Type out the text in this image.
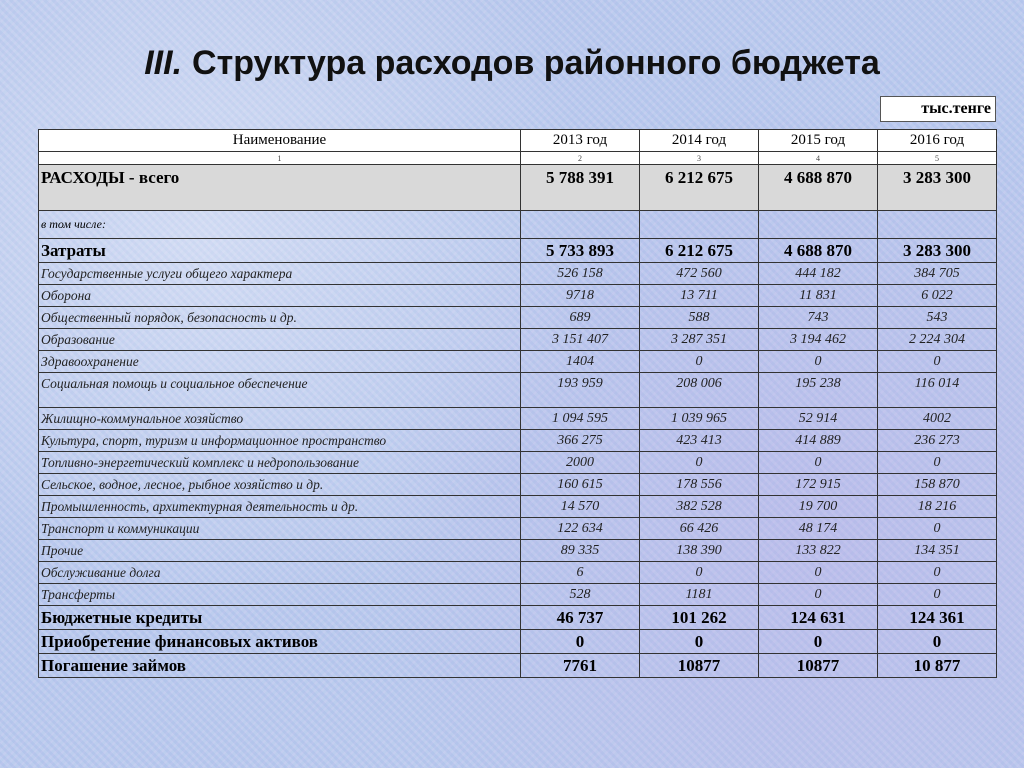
III. Структура расходов районного бюджета
тыс.тенге
Наименование	2013 год	2014 год	2015 год	2016 год
1	2	3	4	5
РАСХОДЫ - всего	5 788 391	6 212 675	4 688 870	3 283 300
в том числе:				
Затраты	5 733 893	6 212 675	4 688 870	3 283 300
Государственные услуги общего характера	526 158	472 560	444 182	384 705
Оборона	9718	13 711	11 831	6 022
Общественный порядок, безопасность и др.	689	588	743	543
Образование	3 151 407	3 287 351	3 194 462	2 224 304
Здравоохранение	1404	0	0	0
Социальная помощь и социальное обеспечение	193 959	208 006	195 238	116 014
Жилищно-коммунальное хозяйство	1 094 595	1 039 965	52 914	4002
Культура, спорт, туризм и информационное пространство	366 275	423 413	414 889	236 273
Топливно-энергетический комплекс и недропользование	2000	0	0	0
Сельское, водное, лесное, рыбное хозяйство и др.	160 615	178 556	172 915	158 870
Промышленность, архитектурная деятельность и др.	14 570	382 528	19 700	18 216
Транспорт и коммуникации	122 634	66 426	48 174	0
Прочие	89 335	138 390	133 822	134 351
Обслуживание долга	6	0	0	0
Трансферты	528	1181	0	0
Бюджетные кредиты	46 737	101 262	124 631	124 361
Приобретение финансовых активов	0	0	0	0
Погашение займов	7761	10877	10877	10 877
